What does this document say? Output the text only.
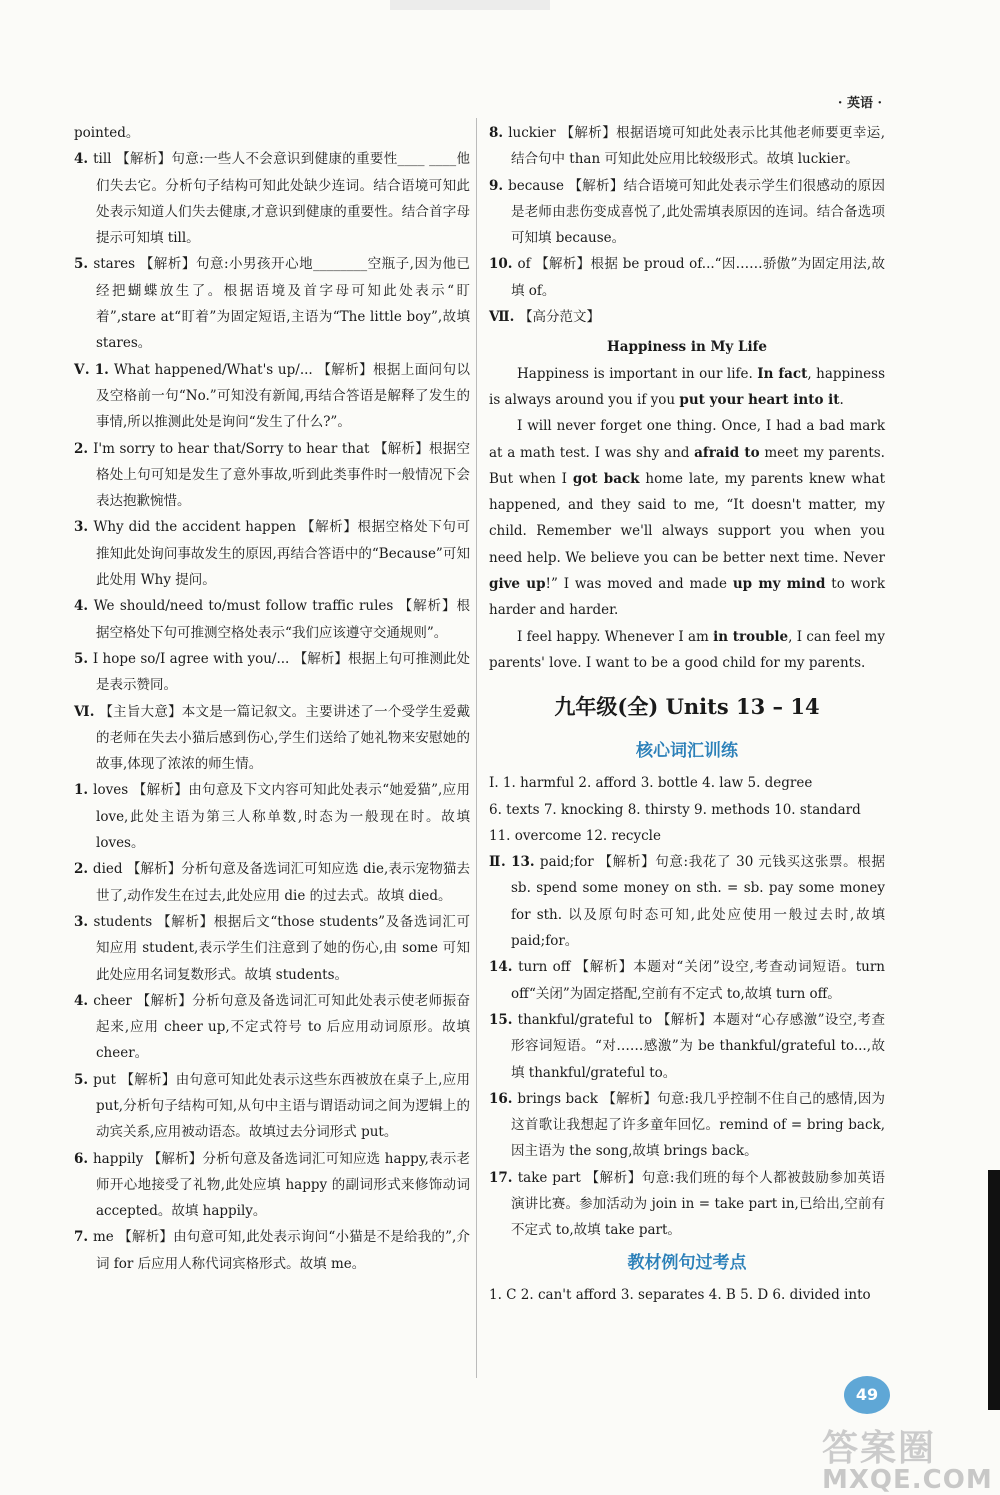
· 英语 ·

pointed。

4. till 【解析】句意:一些人不会意识到健康的重要性____ ____他们失去它。分析句子结构可知此处缺少连词。结合语境可知此处表示知道人们失去健康,才意识到健康的重要性。结合首字母提示可知填 till。

5. stares 【解析】句意:小男孩开心地________空瓶子,因为他已经把蝴蝶放生了。根据语境及首字母可知此处表示“盯着”,stare at“盯着”为固定短语,主语为“The little boy”,故填 stares。

Ⅴ. 1. What happened/What's up/... 【解析】根据上面问句以及空格前一句“No.”可知没有新闻,再结合答语是解释了发生的事情,所以推测此处是询问“发生了什么?”。

2. I'm sorry to hear that/Sorry to hear that 【解析】根据空格处上句可知是发生了意外事故,听到此类事件时一般情况下会表达抱歉惋惜。

3. Why did the accident happen 【解析】根据空格处下句可推知此处询问事故发生的原因,再结合答语中的“Because”可知此处用 Why 提问。

4. We should/need to/must follow traffic rules 【解析】根据空格处下句可推测空格处表示“我们应该遵守交通规则”。

5. I hope so/I agree with you/... 【解析】根据上句可推测此处是表示赞同。

Ⅵ. 【主旨大意】本文是一篇记叙文。主要讲述了一个受学生爱戴的老师在失去小猫后感到伤心,学生们送给了她礼物来安慰她的故事,体现了浓浓的师生情。

1. loves 【解析】由句意及下文内容可知此处表示“她爱猫”,应用 love,此处主语为第三人称单数,时态为一般现在时。故填 loves。

2. died 【解析】分析句意及备选词汇可知应选 die,表示宠物猫去世了,动作发生在过去,此处应用 die 的过去式。故填 died。

3. students 【解析】根据后文“those students”及备选词汇可知应用 student,表示学生们注意到了她的伤心,由 some 可知此处应用名词复数形式。故填 students。

4. cheer 【解析】分析句意及备选词汇可知此处表示使老师振奋起来,应用 cheer up,不定式符号 to 后应用动词原形。故填 cheer。

5. put 【解析】由句意可知此处表示这些东西被放在桌子上,应用 put,分析句子结构可知,从句中主语与谓语动词之间为逻辑上的动宾关系,应用被动语态。故填过去分词形式 put。

6. happily 【解析】分析句意及备选词汇可知应选 happy,表示老师开心地接受了礼物,此处应填 happy 的副词形式来修饰动词 accepted。故填 happily。

7. me 【解析】由句意可知,此处表示询问“小猫是不是给我的”,介词 for 后应用人称代词宾格形式。故填 me。

8. luckier 【解析】根据语境可知此处表示比其他老师要更幸运,结合句中 than 可知此处应用比较级形式。故填 luckier。

9. because 【解析】结合语境可知此处表示学生们很感动的原因是老师由悲伤变成喜悦了,此处需填表原因的连词。结合备选项可知填 because。

10. of 【解析】根据 be proud of...“因……骄傲”为固定用法,故填 of。

Ⅶ. 【高分范文】

Happiness in My Life

Happiness is important in our life. In fact, happiness is always around you if you put your heart into it.

I will never forget one thing. Once, I had a bad mark at a math test. I was shy and afraid to meet my parents. But when I got back home late, my parents knew what happened, and they said to me, “It doesn't matter, my child. Remember we'll always support you when you need help. We believe you can be better next time. Never give up!” I was moved and made up my mind to work harder and harder.

I feel happy. Whenever I am in trouble, I can feel my parents' love. I want to be a good child for my parents.

九年级(全) Units 13 – 14
核心词汇训练

Ⅰ. 1. harmful 2. afford 3. bottle 4. law 5. degree

6. texts 7. knocking 8. thirsty 9. methods 10. standard

11. overcome 12. recycle

Ⅱ. 13. paid;for 【解析】句意:我花了 30 元钱买这张票。根据 sb. spend some money on sth. = sb. pay some money for sth. 以及原句时态可知,此处应使用一般过去时,故填 paid;for。

14. turn off 【解析】本题对“关闭”设空,考查动词短语。turn off“关闭”为固定搭配,空前有不定式 to,故填 turn off。

15. thankful/grateful to 【解析】本题对“心存感激”设空,考查形容词短语。“对……感激”为 be thankful/grateful to...,故填 thankful/grateful to。

16. brings back 【解析】句意:我几乎控制不住自己的感情,因为这首歌让我想起了许多童年回忆。remind of = bring back,因主语为 the song,故填 brings back。

17. take part 【解析】句意:我们班的每个人都被鼓励参加英语演讲比赛。参加活动为 join in = take part in,已给出,空前有不定式 to,故填 take part。

教材例句过考点

1. C 2. can't afford 3. separates 4. B 5. D 6. divided into

49
答案圈
MXQE.COM
